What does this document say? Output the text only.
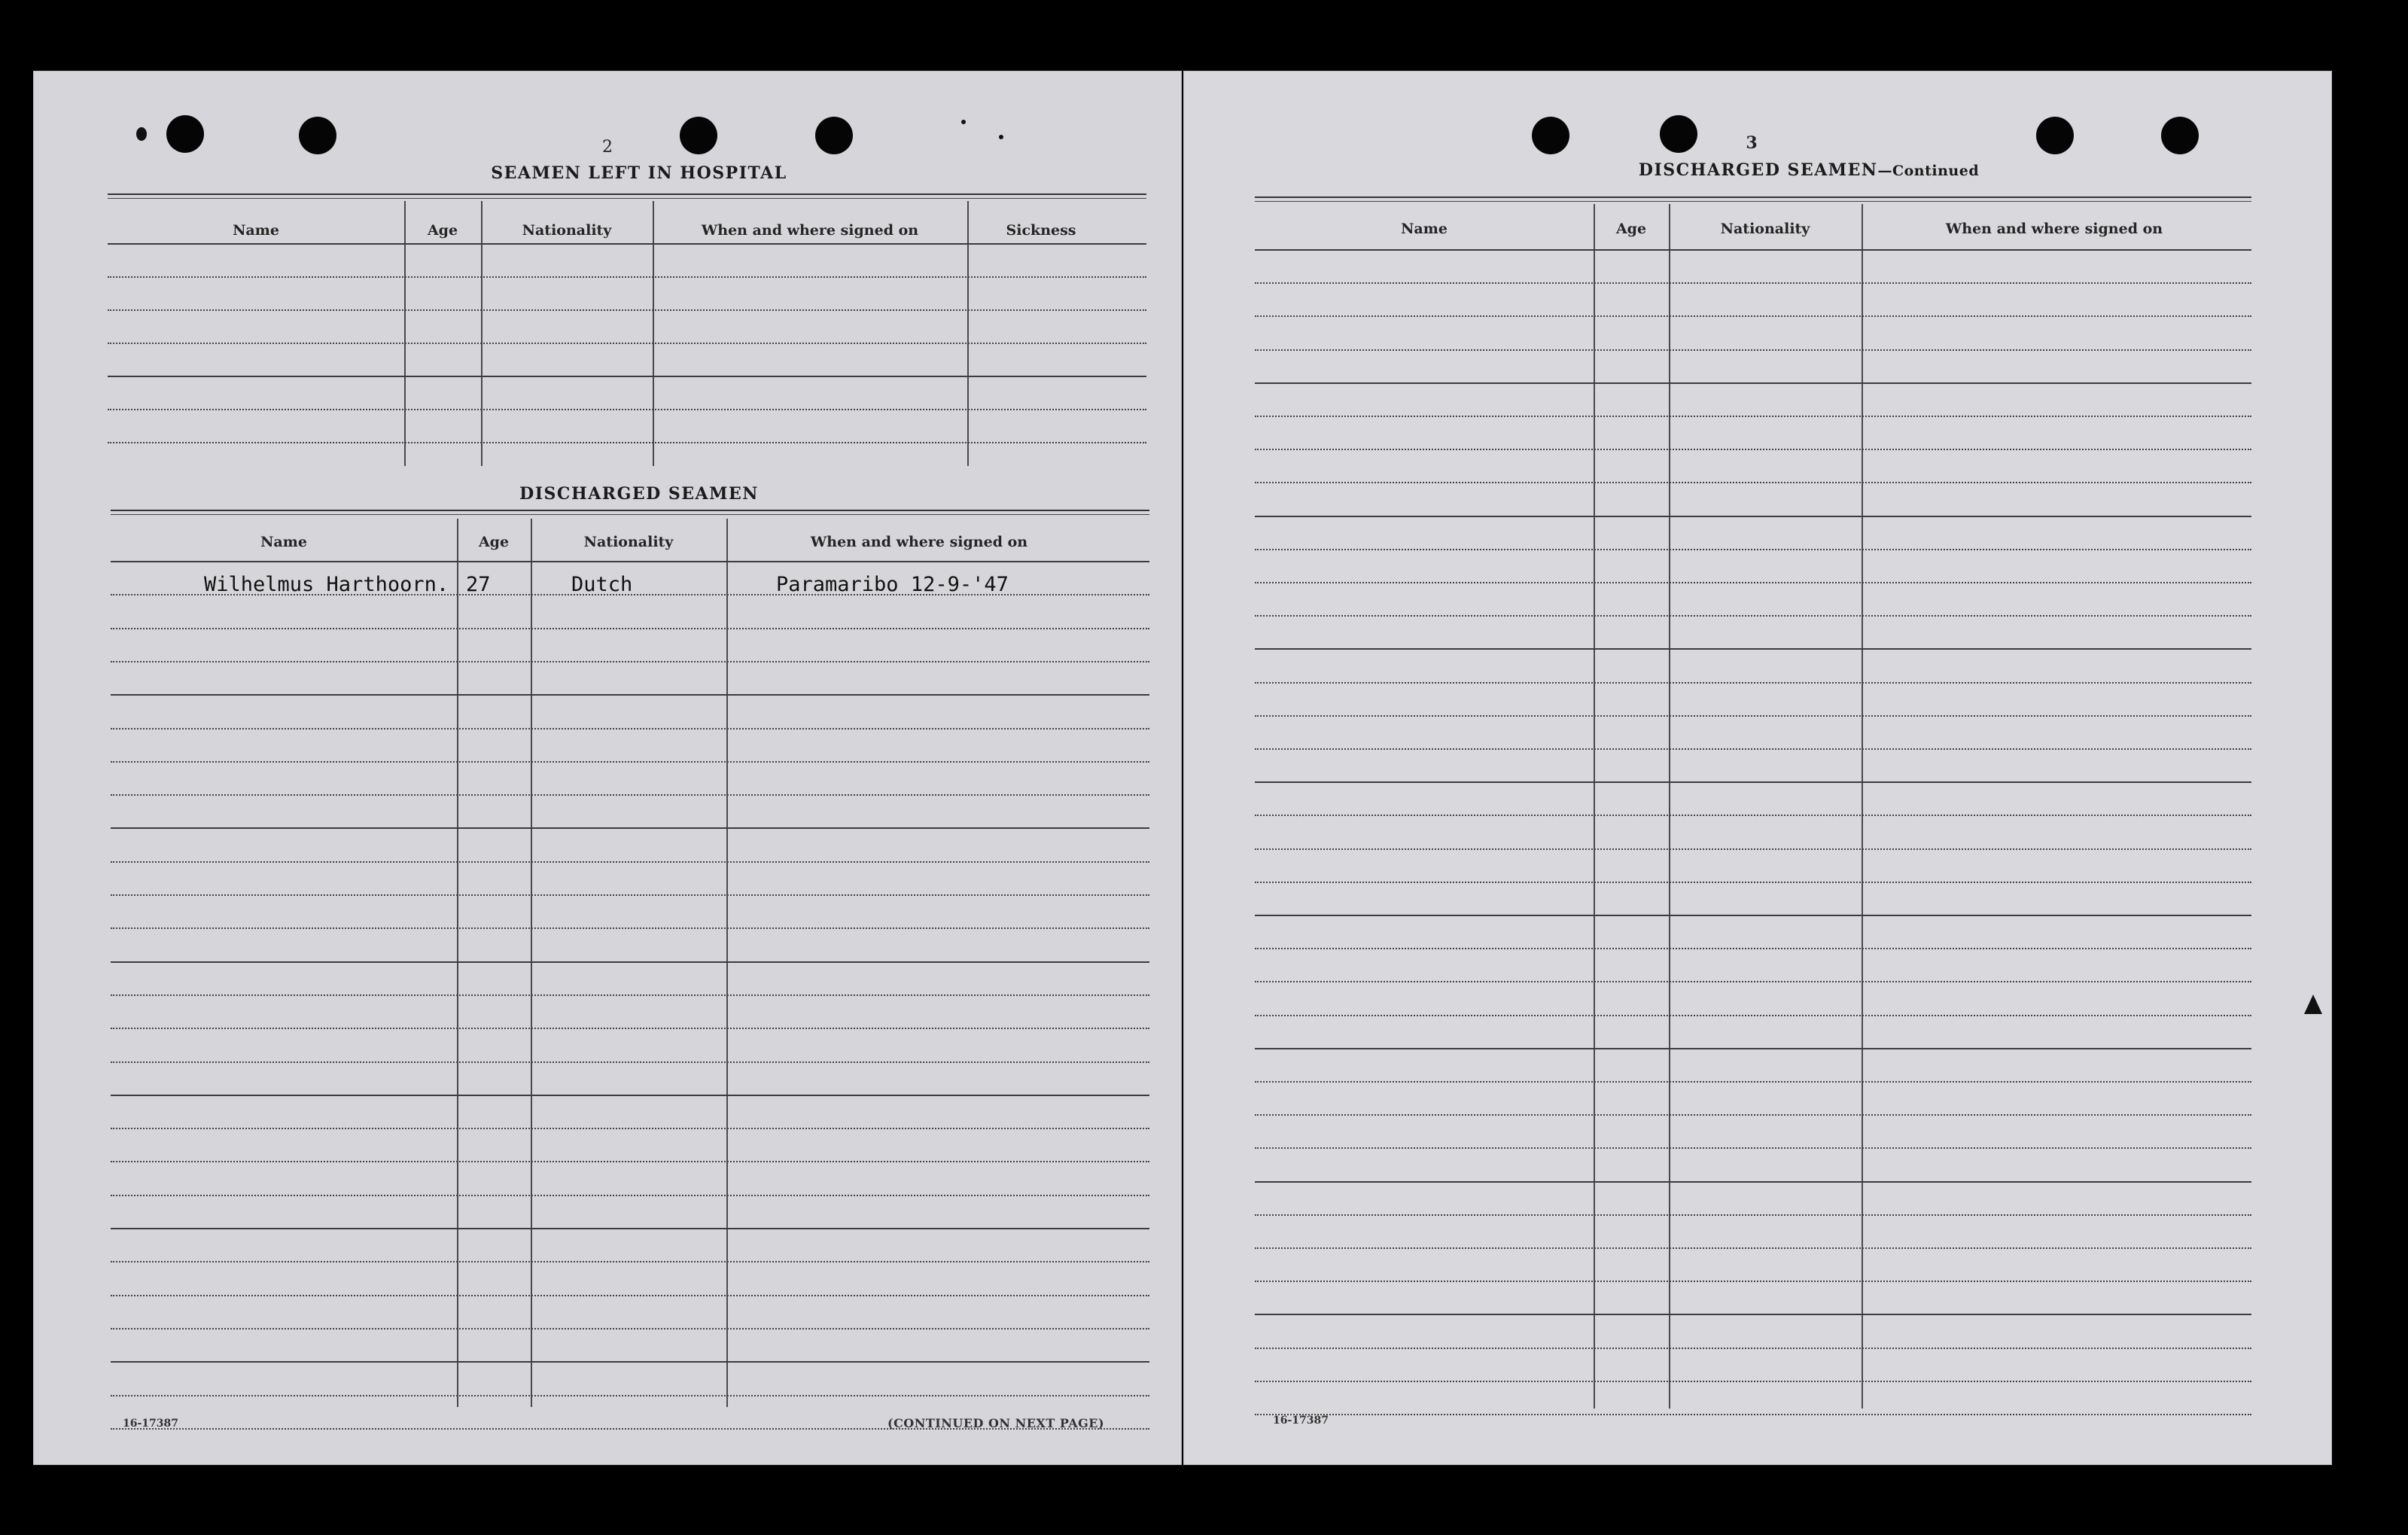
2
SEAMEN LEFT IN HOSPITAL
Name	Age	Nationality	When and where signed on	Sickness
DISCHARGED SEAMEN
Name	Age	Nationality	When and where signed on
Wilhelmus Harthoorn. 27	Dutch	Paramaribo 12-9-'47
16-17387	(CONTINUED ON NEXT PAGE)
3
DISCHARGED SEAMEN—Continued
Name	Age	Nationality	When and where signed on
16-17387
